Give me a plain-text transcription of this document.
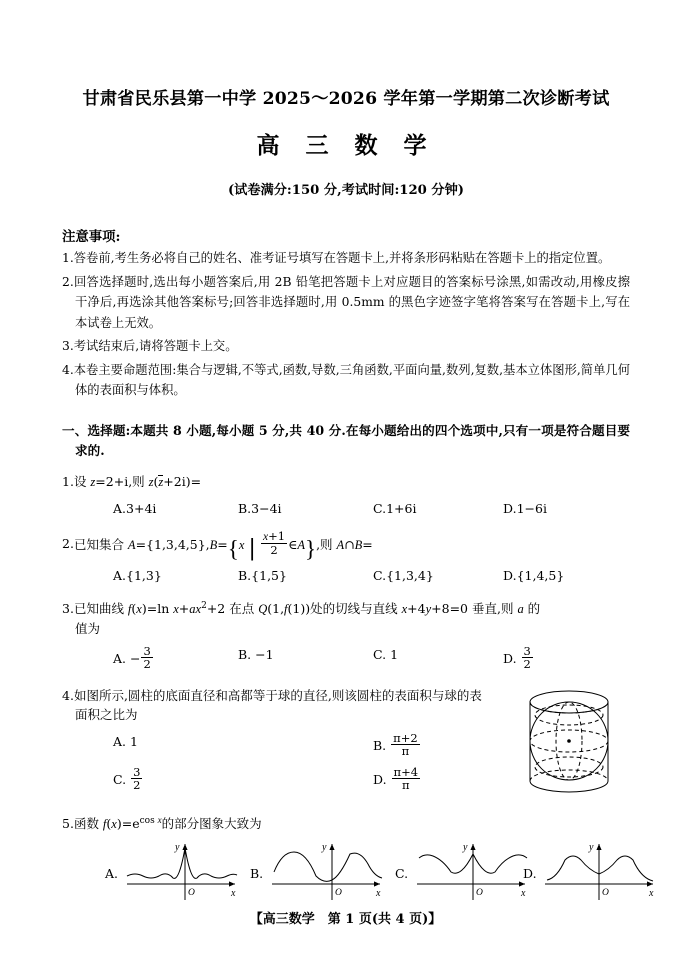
甘肃省民乐县第一中学 2025～2026 学年第一学期第二次诊断考试
高 三 数 学
(试卷满分:150 分,考试时间:120 分钟)
注意事项:
1.答卷前,考生务必将自己的姓名、准考证号填写在答题卡上,并将条形码粘贴在答题卡上的指定位置。
2.回答选择题时,选出每小题答案后,用 2B 铅笔把答题卡上对应题目的答案标号涂黑,如需改动,用橡皮擦干净后,再选涂其他答案标号;回答非选择题时,用 0.5mm 的黑色字迹签字笔将答案写在答题卡上,写在本试卷上无效。
3.考试结束后,请将答题卡上交。
4.本卷主要命题范围:集合与逻辑,不等式,函数,导数,三角函数,平面向量,数列,复数,基本立体图形,简单几何体的表面积与体积。
一、选择题:本题共 8 小题,每小题 5 分,共 40 分.在每小题给出的四个选项中,只有一项是符合题目要求的.
1.设 z=2+i,则 z(z+2i)=
A.3+4i	B.3−4i	C.1+6i	D.1−6i
2.已知集合 A={1,3,4,5},B={x | $\frac{x+1}{2}$ ∈A},则 A∩B=
A.{1,3}	B.{1,5}	C.{1,3,4}	D.{1,4,5}
3.已知曲线 f(x)=ln $x+ax^2+2$ 在点 Q(1,f(1))处的切线与直线 x+4y+8=0 垂直,则 a 的
值为
A. − $\frac{3}{2}$	B. −1	C. 1	D. $\frac{3}{2}$
4.如图所示,圆柱的底面直径和高都等于球的直径,则该圆柱的表面积与球的表
面积之比为
A. 1	B. $\frac{\pi+2}{\pi}$
C. $\frac{3}{2}$	D. $\frac{\pi+4}{\pi}$
5.函数 $f(x)=e^{cos x}$的部分图象大致为
A.
y
x
O
B.
y
x
O
C.
y
x
O
D.
y
x
O
【高三数学　第 1 页(共 4 页)】
